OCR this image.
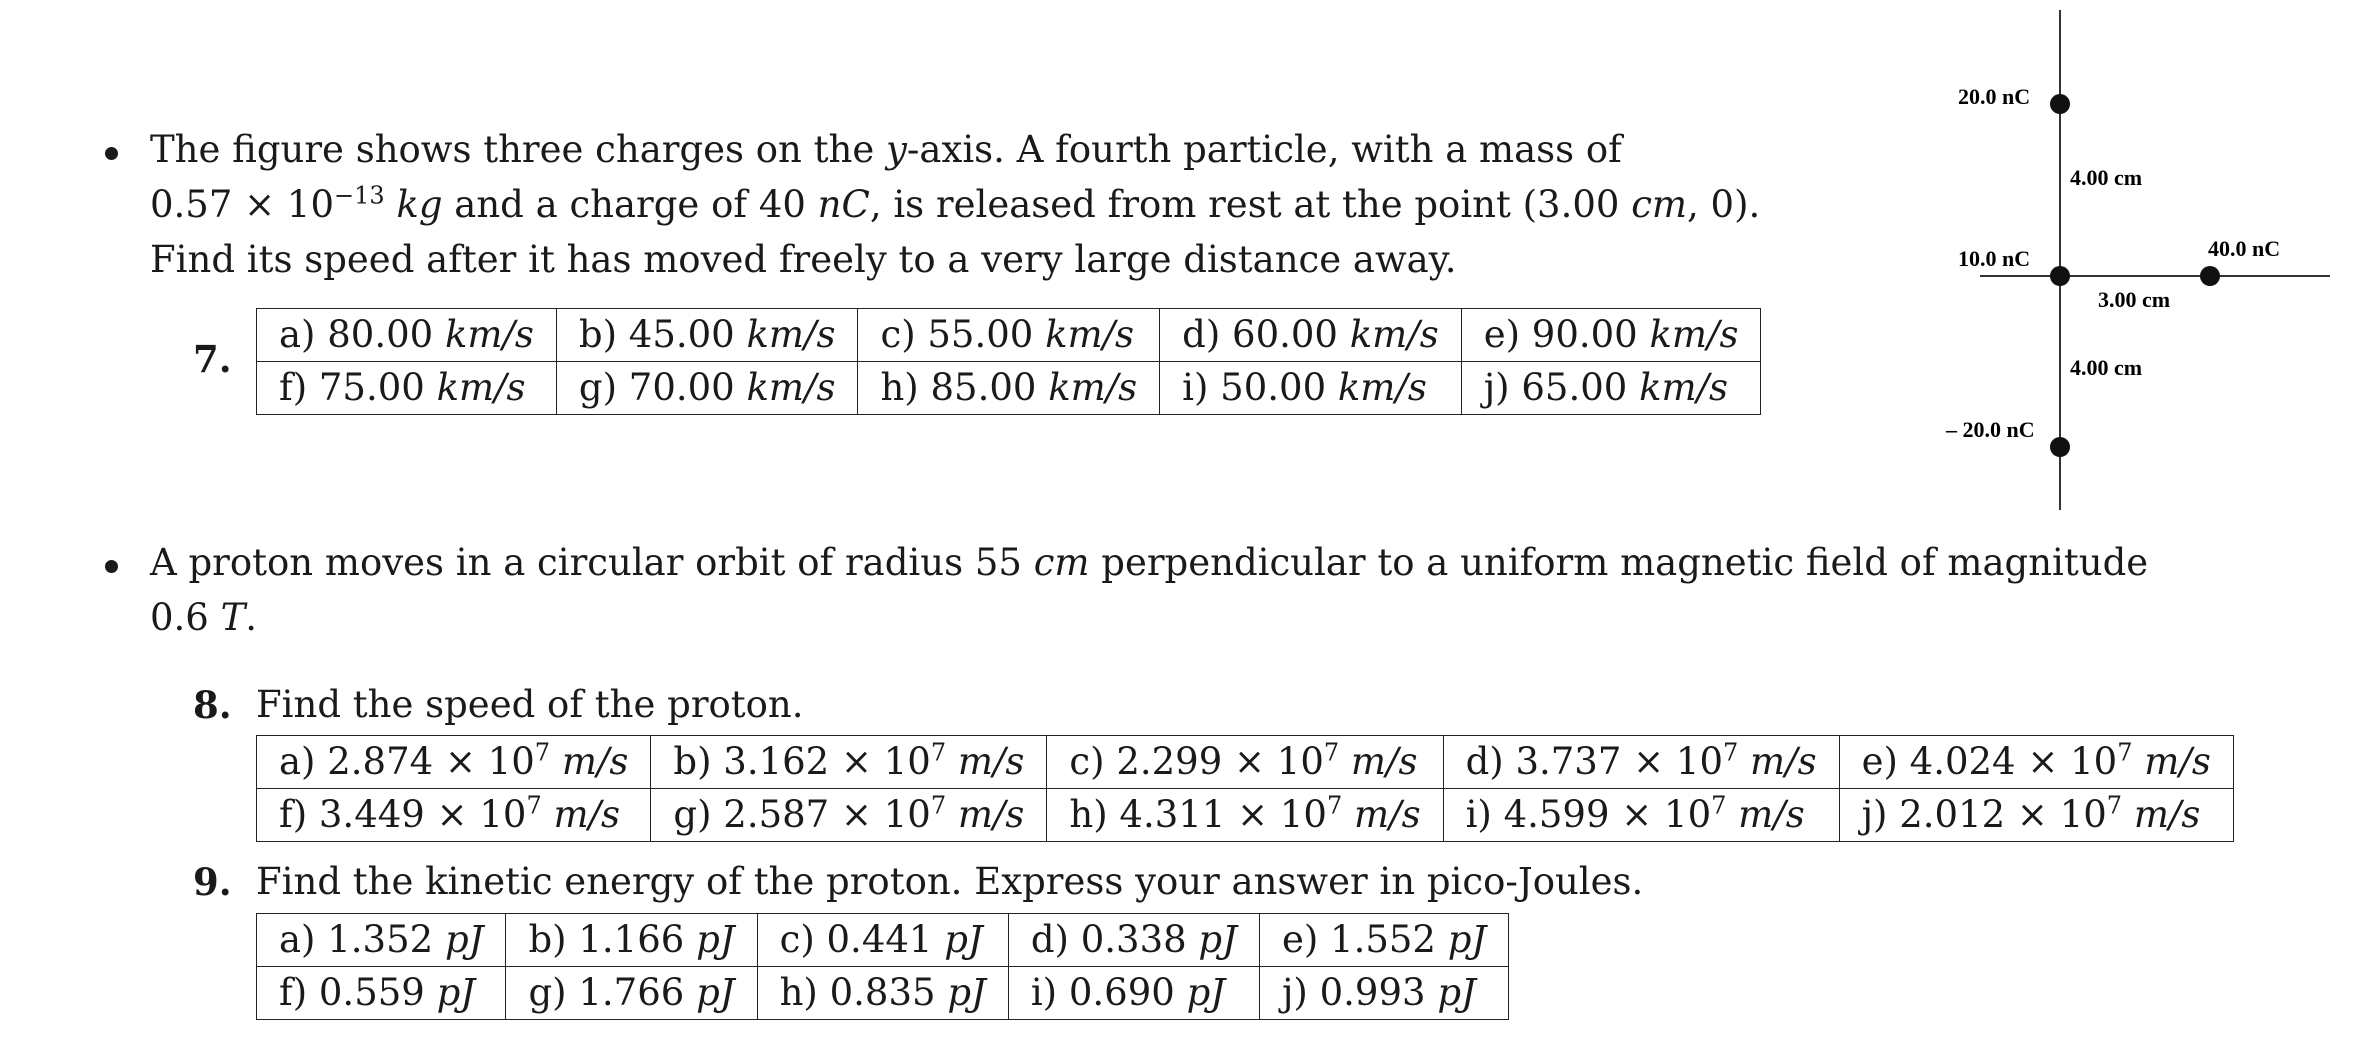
The figure shows three charges on the y-axis. A fourth particle, with a mass of
$0.57 \times 10^{-13}$ kg and a charge of 40 nC, is released from rest at the point (3.00 cm, 0).
Find its speed after it has moved freely to a very large distance away.
7.
a) 80.00 km/s	b) 45.00 km/s	c) 55.00 km/s	d) 60.00 km/s	e) 90.00 km/s
f) 75.00 km/s	g) 70.00 km/s	h) 85.00 km/s	i) 50.00 km/s	j) 65.00 km/s
20.0 nC
10.0 nC
– 20.0 nC
40.0 nC
4.00 cm
3.00 cm
4.00 cm
A proton moves in a circular orbit of radius 55 cm perpendicular to a uniform magnetic field of magnitude
0.6 T.
8. Find the speed of the proton.
a) $2.874 \times 10^7$ m/s	b) $3.162 \times 10^7$ m/s	c) $2.299 \times 10^7$ m/s	d) $3.737 \times 10^7$ m/s	e) $4.024 \times 10^7$ m/s
f) $3.449 \times 10^7$ m/s	g) $2.587 \times 10^7$ m/s	h) $4.311 \times 10^7$ m/s	i) $4.599 \times 10^7$ m/s	j) $2.012 \times 10^7$ m/s
9. Find the kinetic energy of the proton. Express your answer in pico-Joules.
a) 1.352 pJ	b) 1.166 pJ	c) 0.441 pJ	d) 0.338 pJ	e) 1.552 pJ
f) 0.559 pJ	g) 1.766 pJ	h) 0.835 pJ	i) 0.690 pJ	j) 0.993 pJ
